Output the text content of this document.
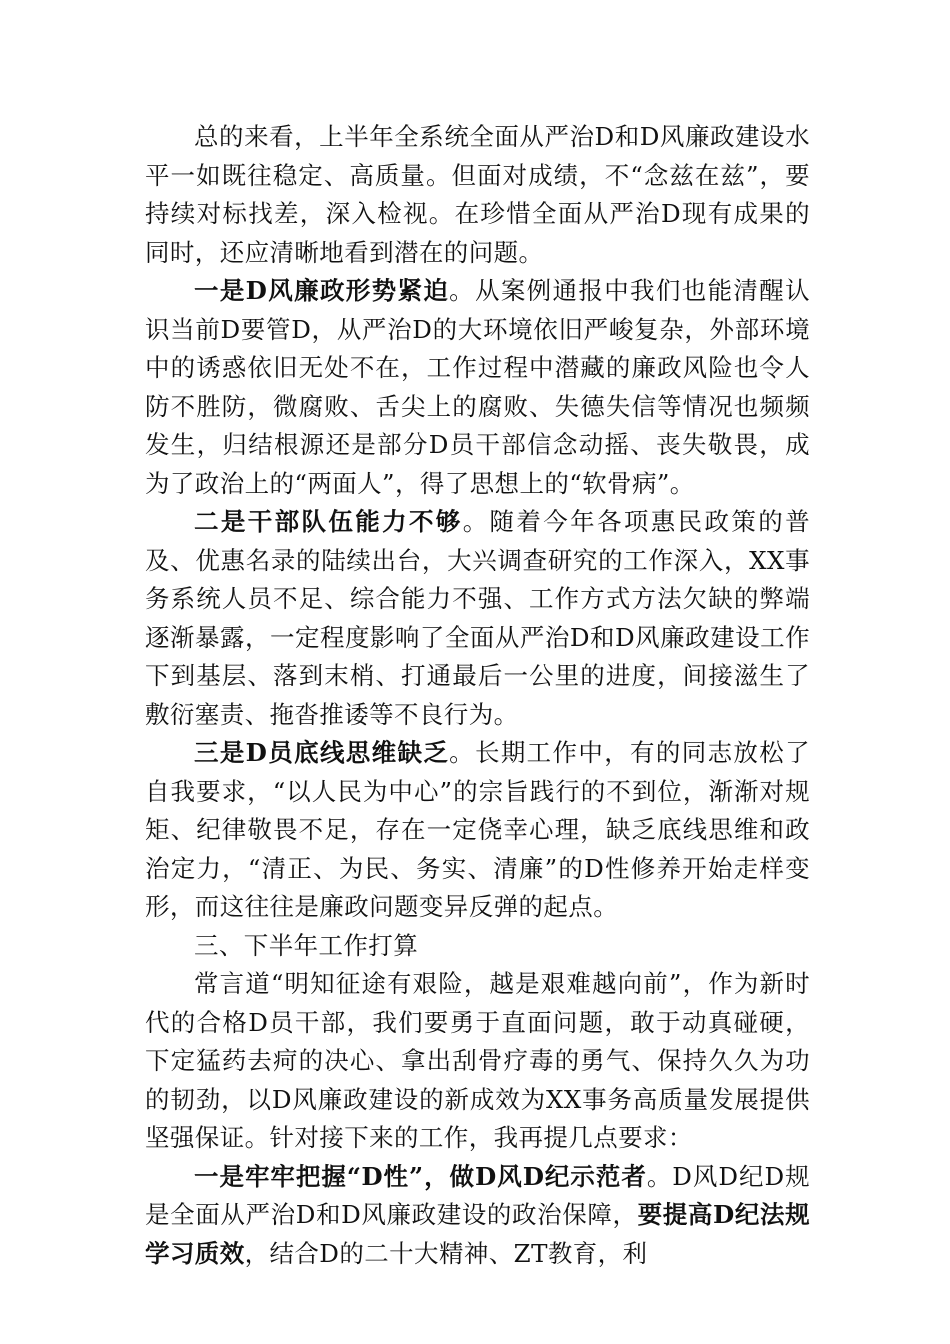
总的来看，上半年全系统全面从严治D和D风廉政建设水平一如既往稳定、高质量。但面对成绩，不“念兹在兹”，要持续对标找差，深入检视。在珍惜全面从严治D现有成果的同时，还应清晰地看到潜在的问题。

一是D风廉政形势紧迫。从案例通报中我们也能清醒认识当前D要管D，从严治D的大环境依旧严峻复杂，外部环境中的诱惑依旧无处不在，工作过程中潜藏的廉政风险也令人防不胜防，微腐败、舌尖上的腐败、失德失信等情况也频频发生，归结根源还是部分D员干部信念动摇、丧失敬畏，成为了政治上的“两面人”，得了思想上的“软骨病”。

二是干部队伍能力不够。随着今年各项惠民政策的普及、优惠名录的陆续出台，大兴调查研究的工作深入，XX事务系统人员不足、综合能力不强、工作方式方法欠缺的弊端逐渐暴露，一定程度影响了全面从严治D和D风廉政建设工作下到基层、落到末梢、打通最后一公里的进度，间接滋生了敷衍塞责、拖沓推诿等不良行为。

三是D员底线思维缺乏。长期工作中，有的同志放松了自我要求，“以人民为中心”的宗旨践行的不到位，渐渐对规矩、纪律敬畏不足，存在一定侥幸心理，缺乏底线思维和政治定力，“清正、为民、务实、清廉”的D性修养开始走样变形，而这往往是廉政问题变异反弹的起点。

三、下半年工作打算

常言道“明知征途有艰险，越是艰难越向前”，作为新时代的合格D员干部，我们要勇于直面问题，敢于动真碰硬，下定猛药去疴的决心、拿出刮骨疗毒的勇气、保持久久为功的韧劲，以D风廉政建设的新成效为XX事务高质量发展提供坚强保证。针对接下来的工作，我再提几点要求：

一是牢牢把握“D性”，做D风D纪示范者。D风D纪D规是全面从严治D和D风廉政建设的政治保障，要提高D纪法规学习质效，结合D的二十大精神、ZT教育，利
